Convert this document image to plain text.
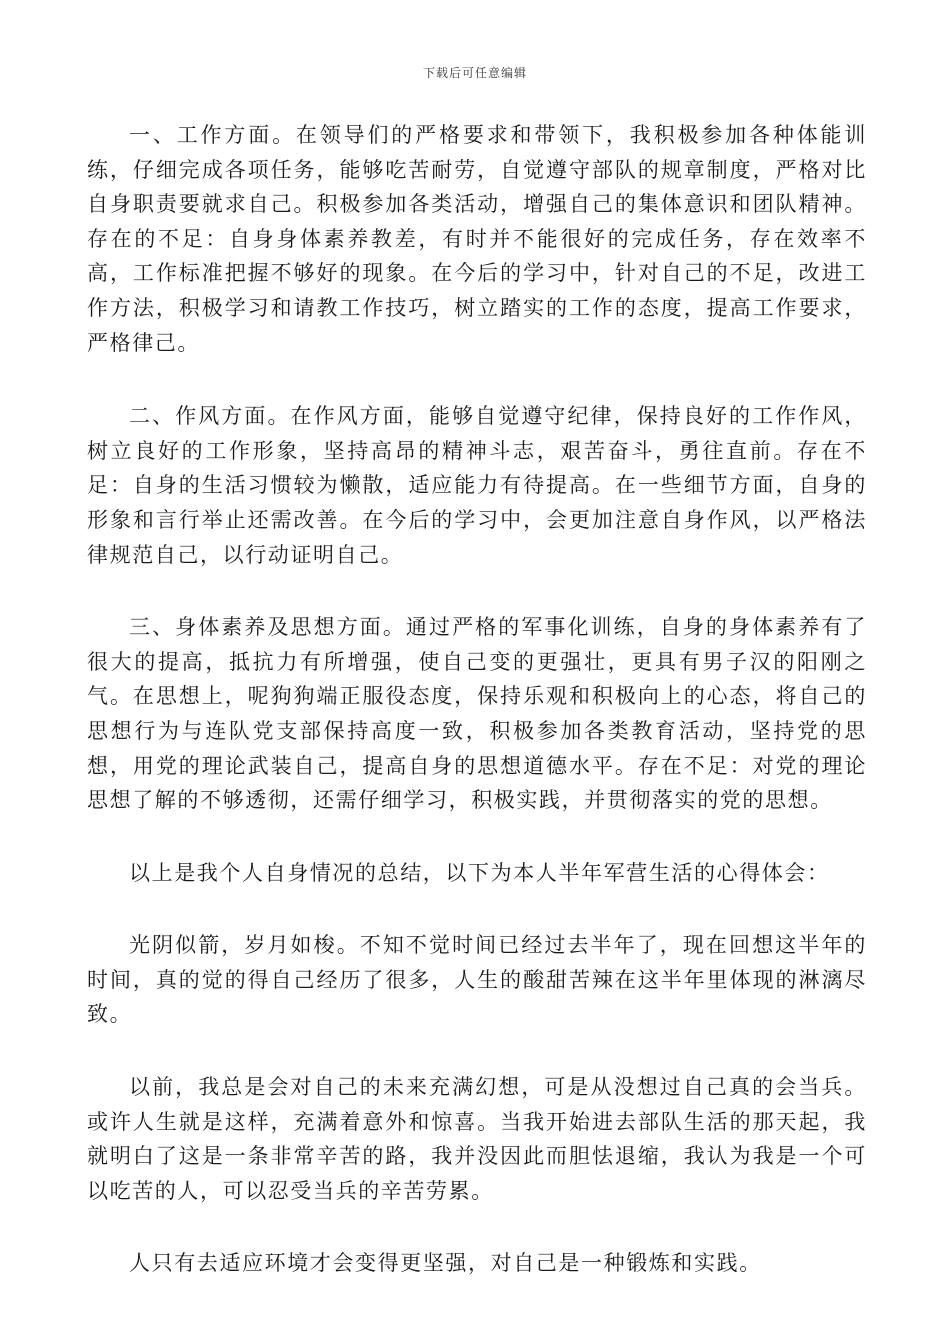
下载后可任意编辑

一、工作方面。在领导们的严格要求和带领下，我积极参加各种体能训练，仔细完成各项任务，能够吃苦耐劳，自觉遵守部队的规章制度，严格对比自身职责要就求自己。积极参加各类活动，增强自己的集体意识和团队精神。存在的不足：自身身体素养教差，有时并不能很好的完成任务，存在效率不高，工作标准把握不够好的现象。在今后的学习中，针对自己的不足，改进工作方法，积极学习和请教工作技巧，树立踏实的工作的态度，提高工作要求，严格律己。

二、作风方面。在作风方面，能够自觉遵守纪律，保持良好的工作作风，树立良好的工作形象，坚持高昂的精神斗志，艰苦奋斗，勇往直前。存在不足：自身的生活习惯较为懒散，适应能力有待提高。在一些细节方面，自身的形象和言行举止还需改善。在今后的学习中，会更加注意自身作风，以严格法律规范自己，以行动证明自己。

三、身体素养及思想方面。通过严格的军事化训练，自身的身体素养有了很大的提高，抵抗力有所增强，使自己变的更强壮，更具有男子汉的阳刚之气。在思想上，呢狗狗端正服役态度，保持乐观和积极向上的心态，将自己的思想行为与连队党支部保持高度一致，积极参加各类教育活动，坚持党的思想，用党的理论武装自己，提高自身的思想道德水平。存在不足：对党的理论思想了解的不够透彻，还需仔细学习，积极实践，并贯彻落实的党的思想。

以上是我个人自身情况的总结，以下为本人半年军营生活的心得体会：

光阴似箭，岁月如梭。不知不觉时间已经过去半年了，现在回想这半年的时间，真的觉的得自己经历了很多，人生的酸甜苦辣在这半年里体现的淋漓尽致。

以前，我总是会对自己的未来充满幻想，可是从没想过自己真的会当兵。或许人生就是这样，充满着意外和惊喜。当我开始进去部队生活的那天起，我就明白了这是一条非常辛苦的路，我并没因此而胆怯退缩，我认为我是一个可以吃苦的人，可以忍受当兵的辛苦劳累。

人只有去适应环境才会变得更坚强，对自己是一种锻炼和实践。
